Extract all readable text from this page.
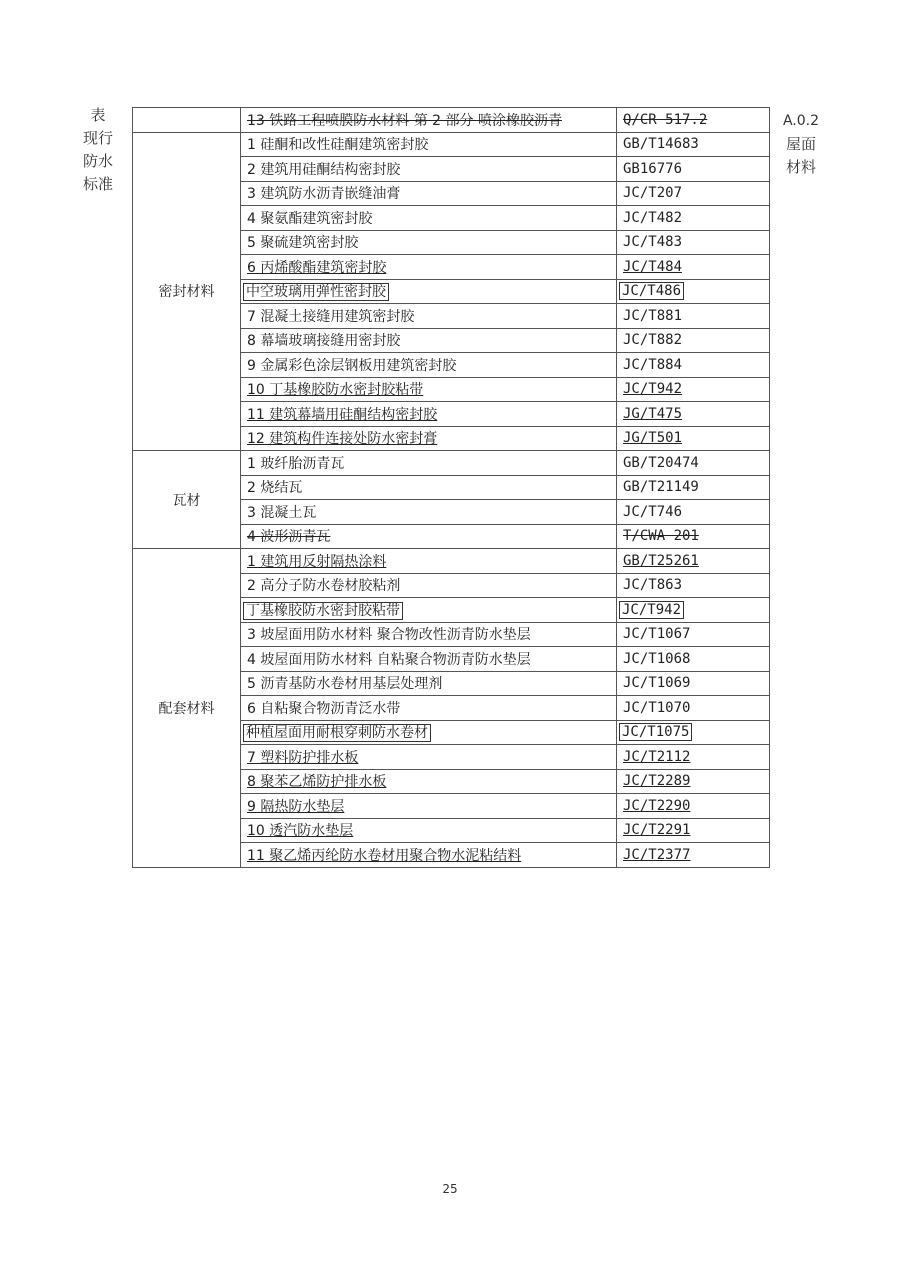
表
现行
防水
标准
A.0.2
屋面
材料
	13 铁路工程喷膜防水材料 第 2 部分 喷涂橡胶沥青	Q/CR 517.2
密封材料	1 硅酮和改性硅酮建筑密封胶	GB/T14683
	2 建筑用硅酮结构密封胶	GB16776
	3 建筑防水沥青嵌缝油膏	JC/T207
	4 聚氨酯建筑密封胶	JC/T482
	5 聚硫建筑密封胶	JC/T483
	6 丙烯酸酯建筑密封胶	JC/T484
	中空玻璃用弹性密封胶	JC/T486
	7 混凝土接缝用建筑密封胶	JC/T881
	8 幕墙玻璃接缝用密封胶	JC/T882
	9 金属彩色涂层钢板用建筑密封胶	JC/T884
	10 丁基橡胶防水密封胶粘带	JC/T942
	11 建筑幕墙用硅酮结构密封胶	JG/T475
	12 建筑构件连接处防水密封膏	JG/T501
瓦材	1 玻纤胎沥青瓦	GB/T20474
	2 烧结瓦	GB/T21149
	3 混凝土瓦	JC/T746
	4 波形沥青瓦	T/CWA 201
配套材料	1 建筑用反射隔热涂料	GB/T25261
	2 高分子防水卷材胶粘剂	JC/T863
	丁基橡胶防水密封胶粘带	JC/T942
	3 坡屋面用防水材料 聚合物改性沥青防水垫层	JC/T1067
	4 坡屋面用防水材料 自粘聚合物沥青防水垫层	JC/T1068
	5 沥青基防水卷材用基层处理剂	JC/T1069
	6 自粘聚合物沥青泛水带	JC/T1070
	种植屋面用耐根穿刺防水卷材	JC/T1075
	7 塑料防护排水板	JC/T2112
	8 聚苯乙烯防护排水板	JC/T2289
	9 隔热防水垫层	JC/T2290
	10 透汽防水垫层	JC/T2291
	11 聚乙烯丙纶防水卷材用聚合物水泥粘结料	JC/T2377
25
